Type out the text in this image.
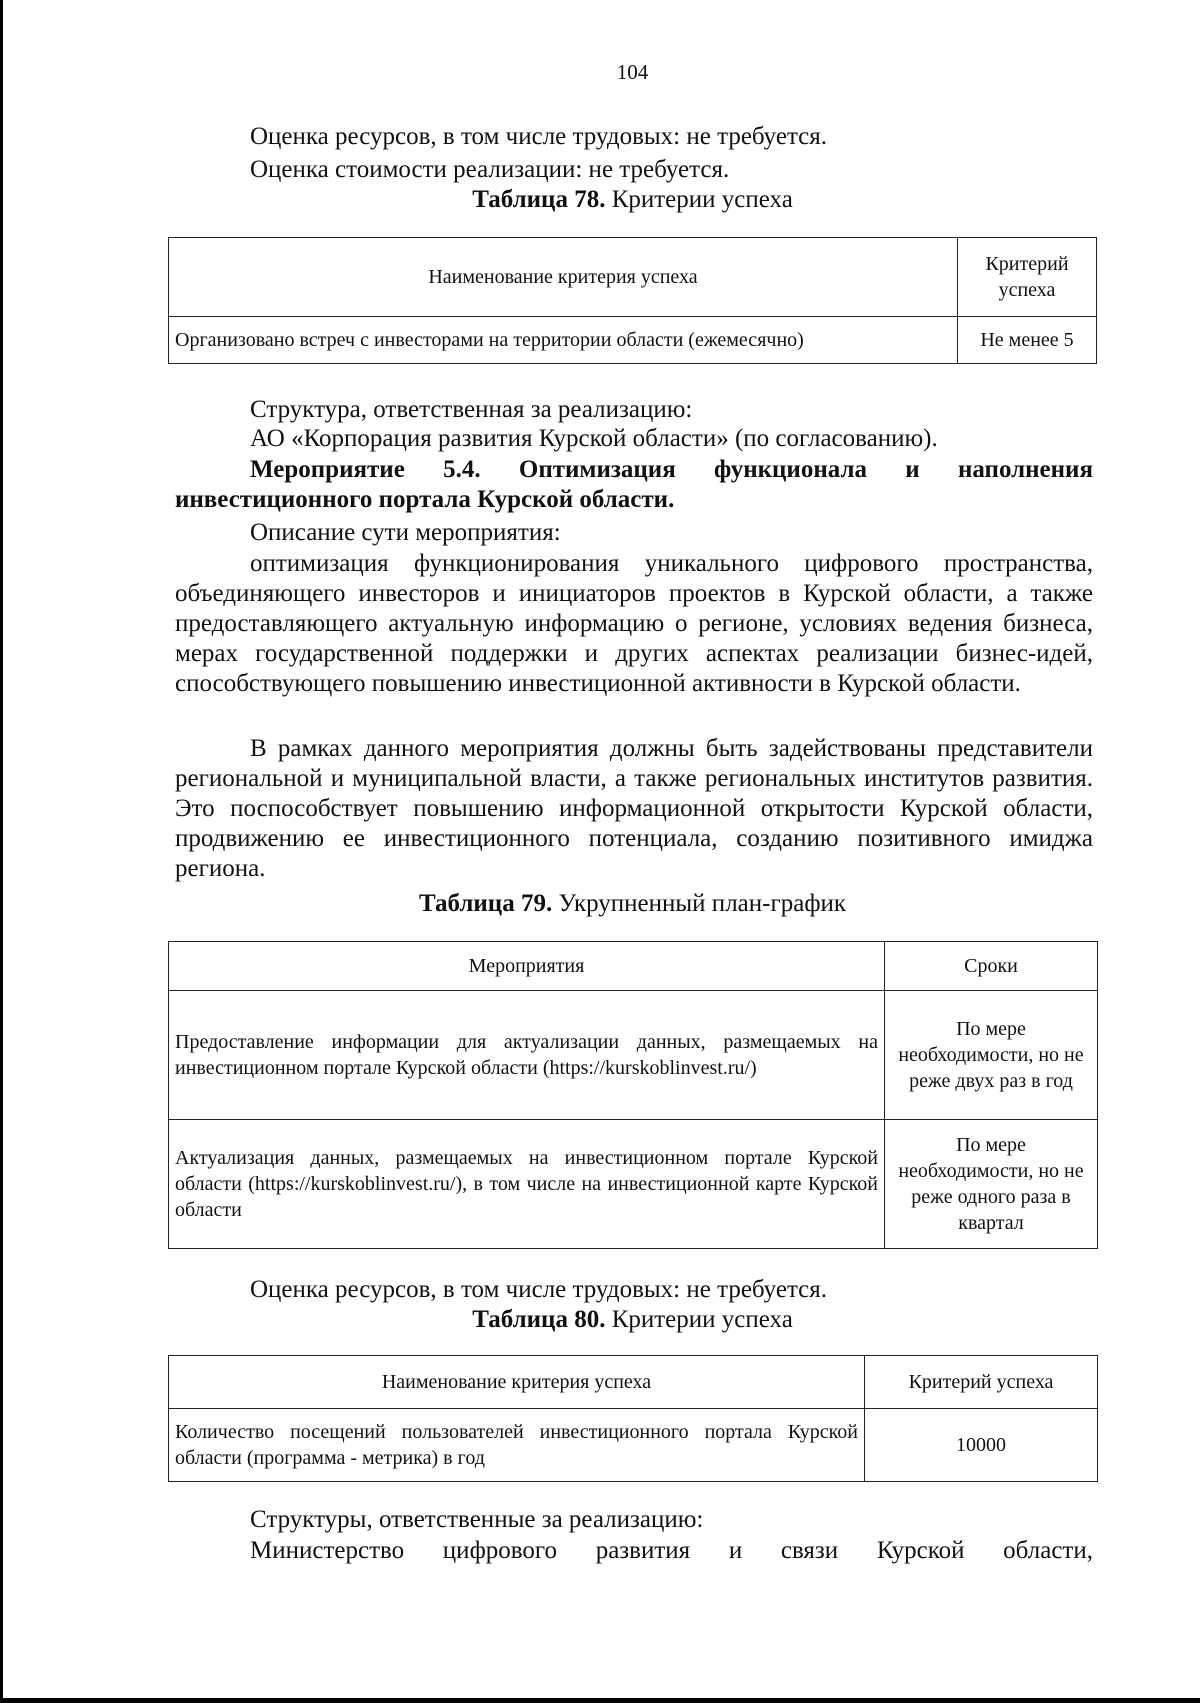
104
Оценка ресурсов, в том числе трудовых: не требуется.
Оценка стоимости реализации: не требуется.
Таблица 78. Критерии успеха
Наименование критерия успеха	Критерий успеха
Организовано встреч с инвесторами на территории области (ежемесячно)	Не менее 5
Структура, ответственная за реализацию:
АО «Корпорация развития Курской области» (по согласованию).
Мероприятие 5.4. Оптимизация функционала и наполнения инвестиционного портала Курской области.
Описание сути мероприятия:
оптимизация функционирования уникального цифрового пространства, объединяющего инвесторов и инициаторов проектов в Курской области, а также предоставляющего актуальную информацию о регионе, условиях ведения бизнеса, мерах государственной поддержки и других аспектах реализации бизнес-идей, способствующего повышению инвестиционной активности в Курской области.
В рамках данного мероприятия должны быть задействованы представители региональной и муниципальной власти, а также региональных институтов развития. Это поспособствует повышению информационной открытости Курской области, продвижению ее инвестиционного потенциала, созданию позитивного имиджа региона.
Таблица 79. Укрупненный план-график
Мероприятия	Сроки
Предоставление информации для актуализации данных, размещаемых на инвестиционном портале Курской области (https://kurskoblinvest.ru/)	По мере необходимости, но не реже двух раз в год
Актуализация данных, размещаемых на инвестиционном портале Курской области (https://kurskoblinvest.ru/), в том числе на инвестиционной карте Курской области	По мере необходимости, но не реже одного раза в квартал
Оценка ресурсов, в том числе трудовых: не требуется.
Таблица 80. Критерии успеха
Наименование критерия успеха	Критерий успеха
Количество посещений пользователей инвестиционного портала Курской области (программа - метрика) в год	10000
Структуры, ответственные за реализацию:
Министерство цифрового развития и связи Курской области,
